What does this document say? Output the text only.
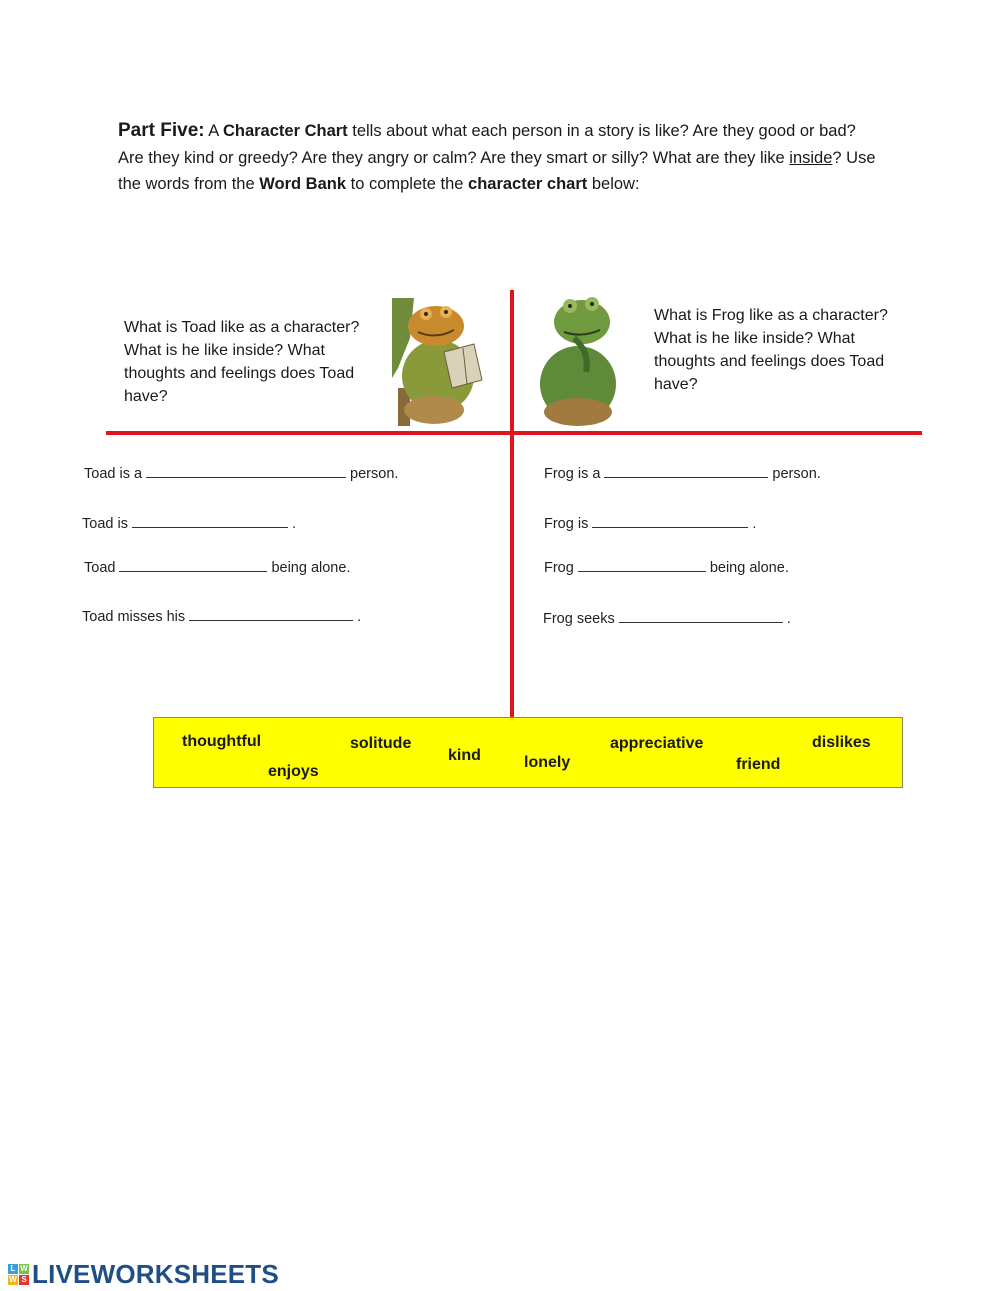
Part Five: A Character Chart tells about what each person in a story is like? Are they good or bad? Are they kind or greedy? Are they angry or calm? Are they smart or silly? What are they like inside? Use the words from the Word Bank to complete the character chart below:
What is Toad like as a character? What is he like inside? What thoughts and feelings does Toad have?
What is Frog like as a character? What is he like inside? What thoughts and feelings does Toad have?
Toad is a	person.
Toad is	.
Toad	being alone.
Toad misses his	.
Frog is a	person.
Frog is	.
Frog	being alone.
Frog seeks	.
thoughtful
enjoys
solitude
kind	lonely
appreciative
friend
dislikes
L W
W S LIVEWORKSHEETS
